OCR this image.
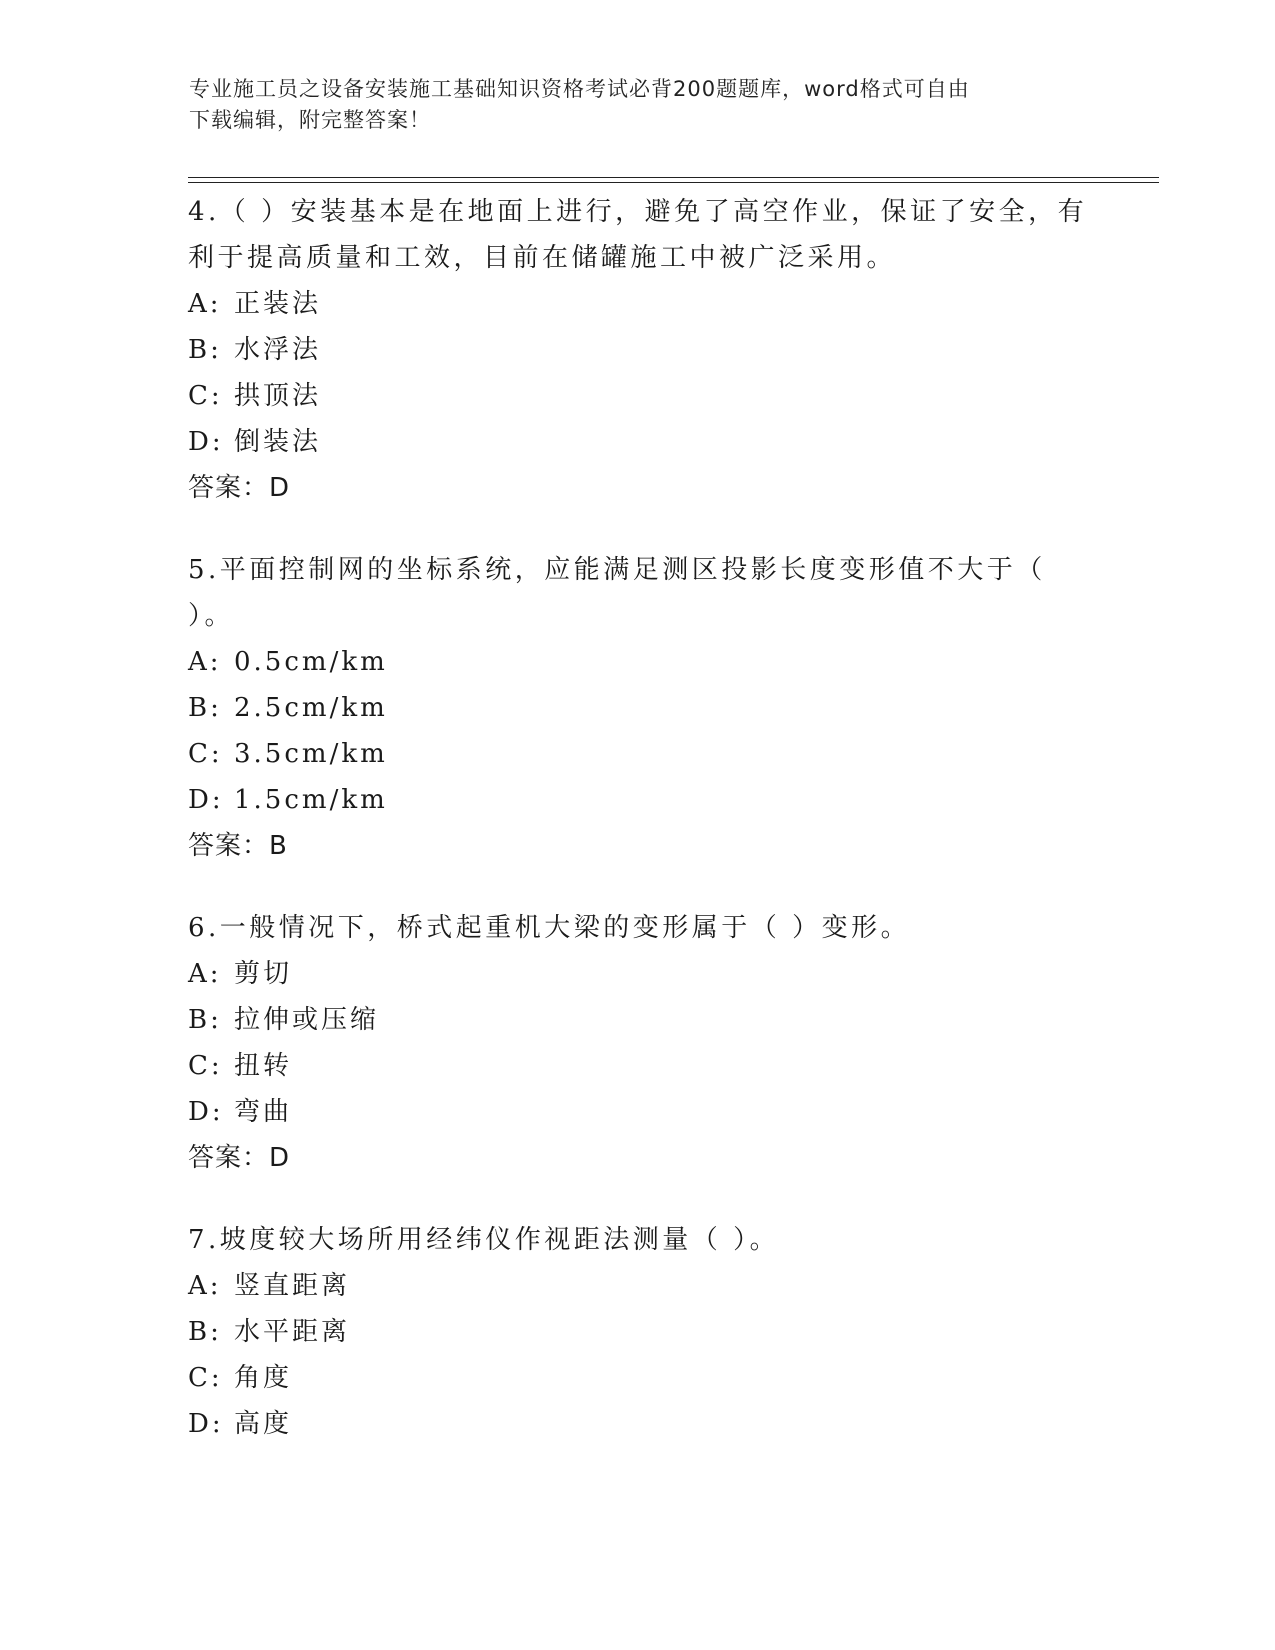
专业施工员之设备安装施工基础知识资格考试必背200题题库，word格式可自由
下载编辑，附完整答案！

4.（ ）安装基本是在地面上进行，避免了高空作业，保证了安全，有利于提高质量和工效，目前在储罐施工中被广泛采用。

A: 正装法

B: 水浮法

C: 拱顶法

D: 倒装法

答案：D

5.平面控制网的坐标系统，应能满足测区投影长度变形值不大于（ ）。

A: 0.5cm/km

B: 2.5cm/km

C: 3.5cm/km

D: 1.5cm/km

答案：B

6.一般情况下，桥式起重机大梁的变形属于（ ）变形。

A: 剪切

B: 拉伸或压缩

C: 扭转

D: 弯曲

答案：D

7.坡度较大场所用经纬仪作视距法测量（ ）。

A: 竖直距离

B: 水平距离

C: 角度

D: 高度
